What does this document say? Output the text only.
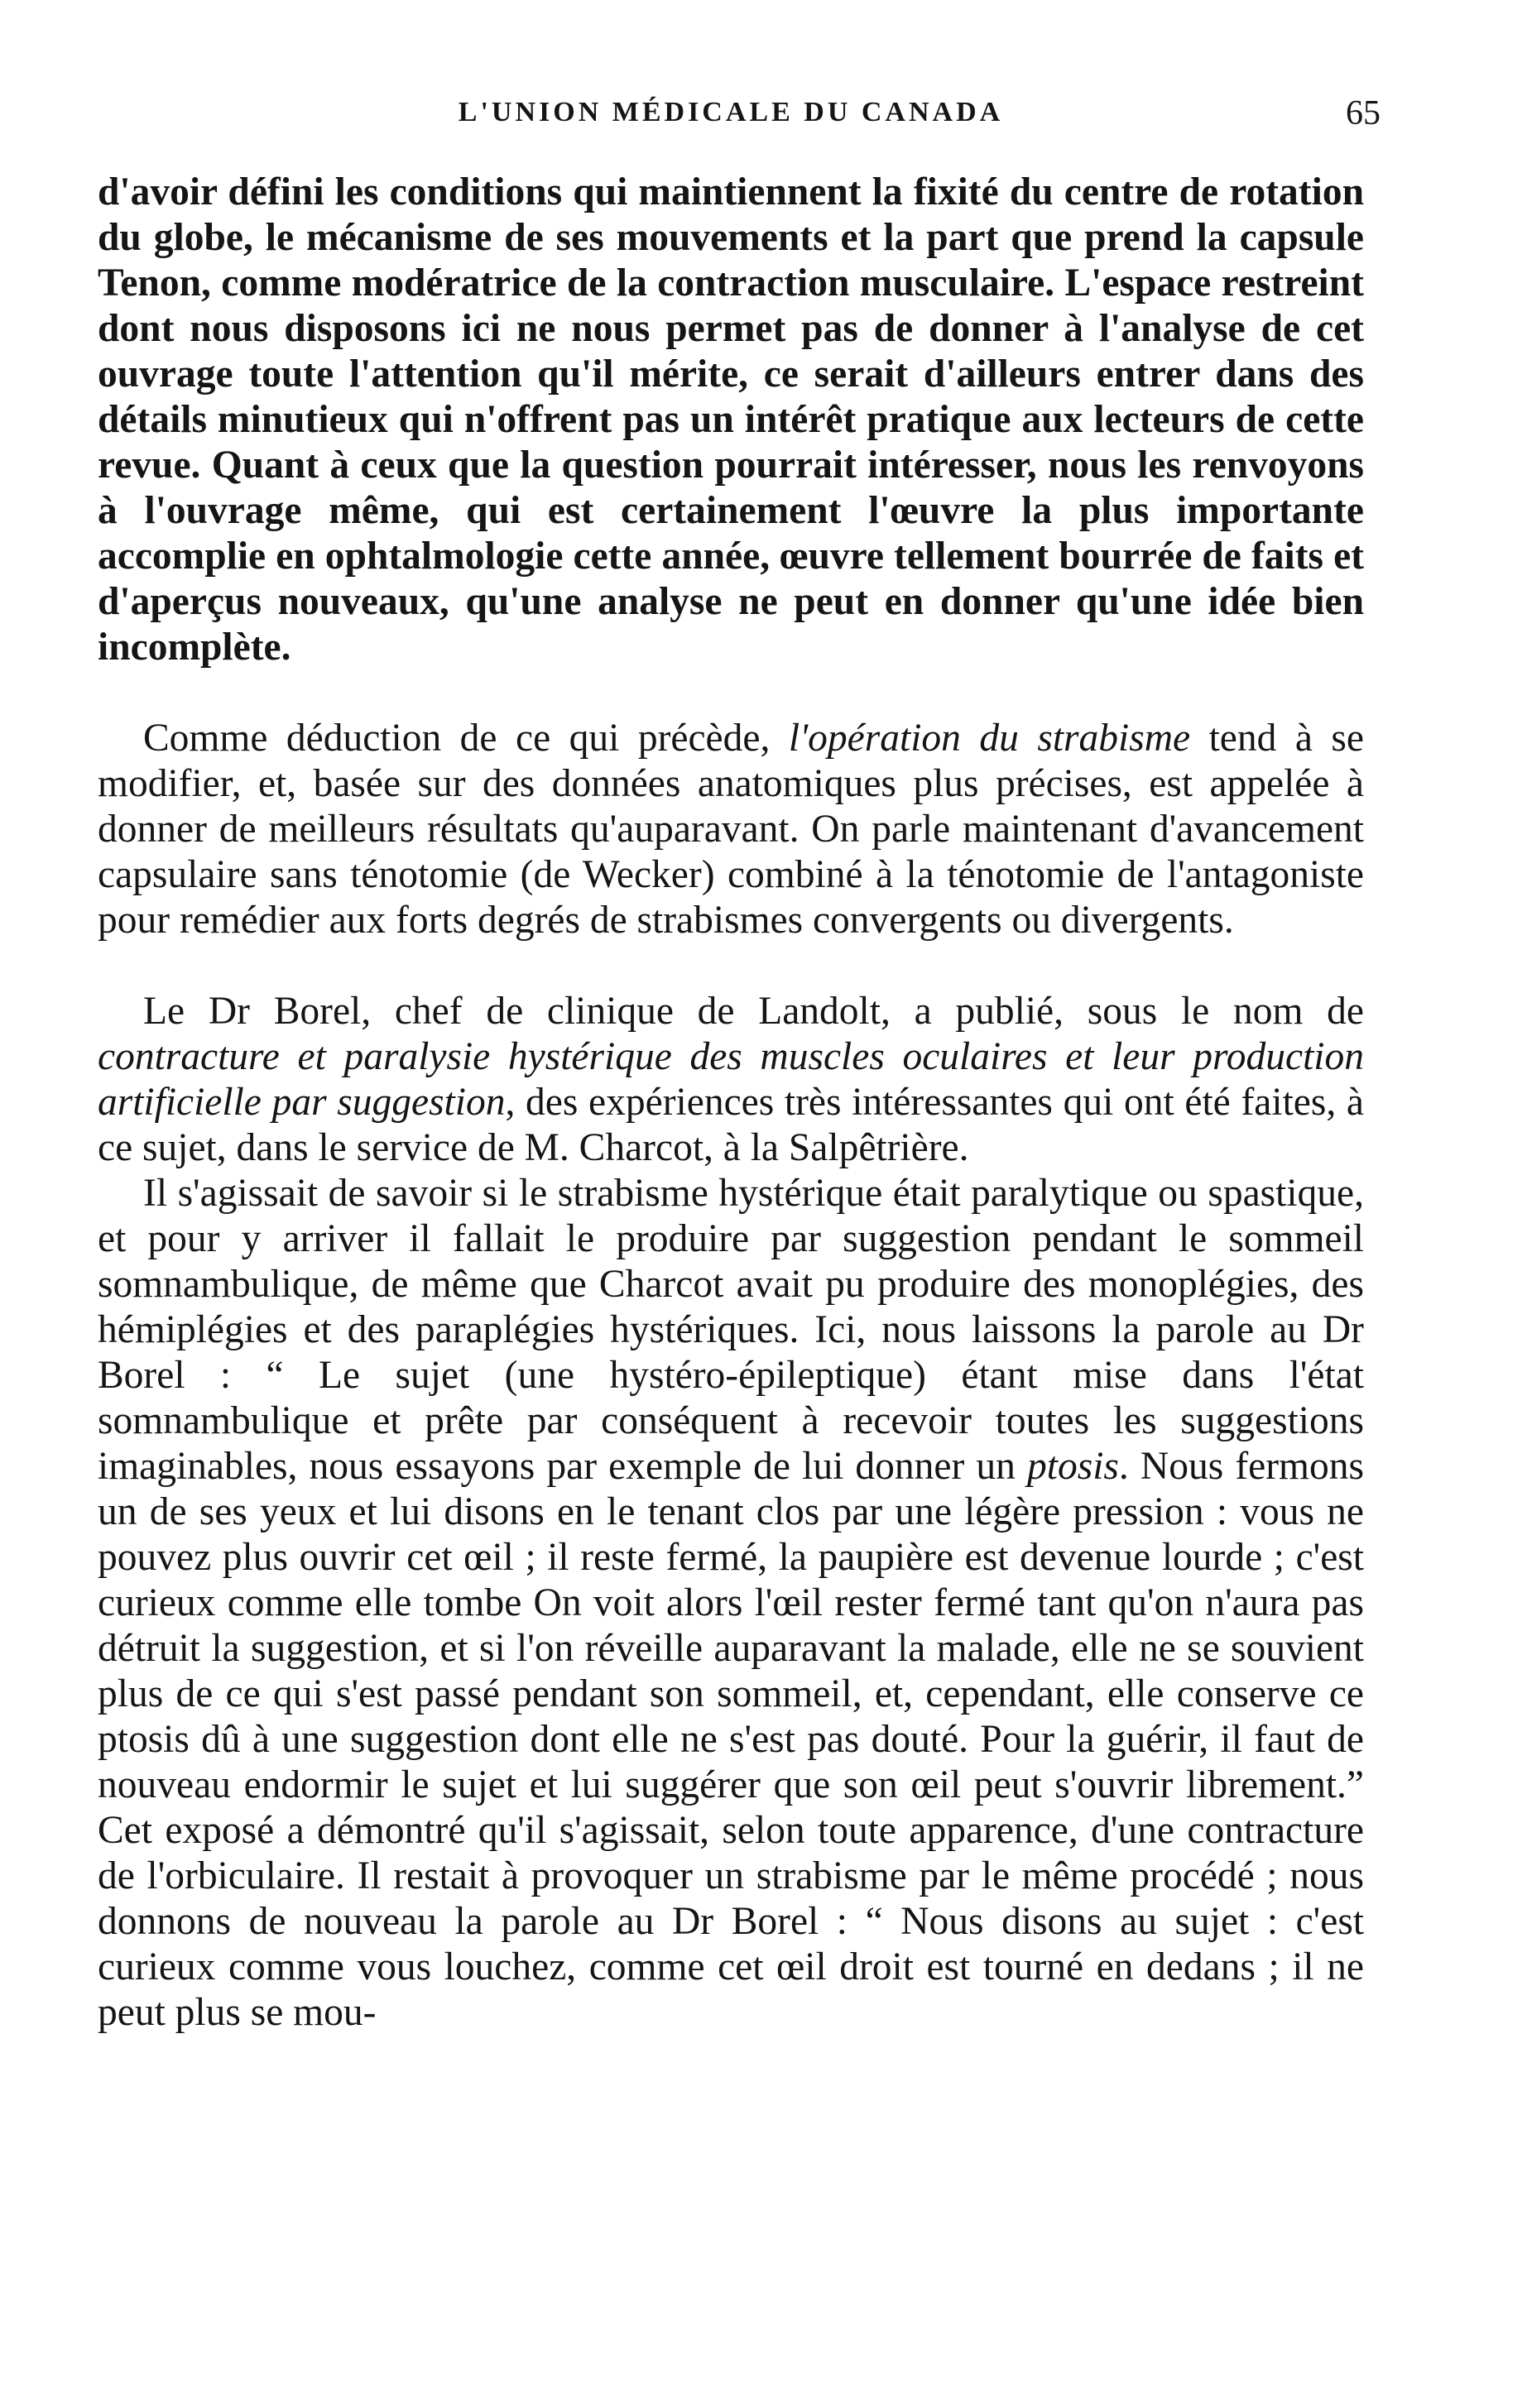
L'UNION MÉDICALE DU CANADA	65

d'avoir défini les conditions qui maintiennent la fixité du centre de rotation du globe, le mécanisme de ses mouvements et la part que prend la capsule Tenon, comme modératrice de la contraction musculaire. L'espace restreint dont nous disposons ici ne nous permet pas de donner à l'analyse de cet ouvrage toute l'attention qu'il mérite, ce serait d'ailleurs entrer dans des détails minutieux qui n'offrent pas un intérêt pratique aux lecteurs de cette revue. Quant à ceux que la question pourrait intéresser, nous les renvoyons à l'ouvrage même, qui est certainement l'œuvre la plus importante accomplie en ophtalmologie cette année, œuvre tellement bourrée de faits et d'aperçus nouveaux, qu'une analyse ne peut en donner qu'une idée bien incomplète.

Comme déduction de ce qui précède, l'opération du strabisme tend à se modifier, et, basée sur des données anatomiques plus précises, est appelée à donner de meilleurs résultats qu'auparavant. On parle maintenant d'avancement capsulaire sans ténotomie (de Wecker) combiné à la ténotomie de l'antagoniste pour remédier aux forts degrés de strabismes convergents ou divergents.

Le Dr Borel, chef de clinique de Landolt, a publié, sous le nom de contracture et paralysie hystérique des muscles oculaires et leur production artificielle par suggestion, des expériences très intéressantes qui ont été faites, à ce sujet, dans le service de M. Charcot, à la Salpêtrière.

Il s'agissait de savoir si le strabisme hystérique était paralytique ou spastique, et pour y arriver il fallait le produire par suggestion pendant le sommeil somnambulique, de même que Charcot avait pu produire des monoplégies, des hémiplégies et des paraplégies hystériques. Ici, nous laissons la parole au Dr Borel : “ Le sujet (une hystéro-épileptique) étant mise dans l'état somnambulique et prête par conséquent à recevoir toutes les suggestions imaginables, nous essayons par exemple de lui donner un ptosis. Nous fermons un de ses yeux et lui disons en le tenant clos par une légère pression : vous ne pouvez plus ouvrir cet œil ; il reste fermé, la paupière est devenue lourde ; c'est curieux comme elle tombe On voit alors l'œil rester fermé tant qu'on n'aura pas détruit la suggestion, et si l'on réveille auparavant la malade, elle ne se souvient plus de ce qui s'est passé pendant son sommeil, et, cependant, elle conserve ce ptosis dû à une suggestion dont elle ne s'est pas douté. Pour la guérir, il faut de nouveau endormir le sujet et lui suggérer que son œil peut s'ouvrir librement.” Cet exposé a démontré qu'il s'agissait, selon toute apparence, d'une contracture de l'orbiculaire. Il restait à provoquer un strabisme par le même procédé ; nous donnons de nouveau la parole au Dr Borel : “ Nous disons au sujet : c'est curieux comme vous louchez, comme cet œil droit est tourné en dedans ; il ne peut plus se mou-
